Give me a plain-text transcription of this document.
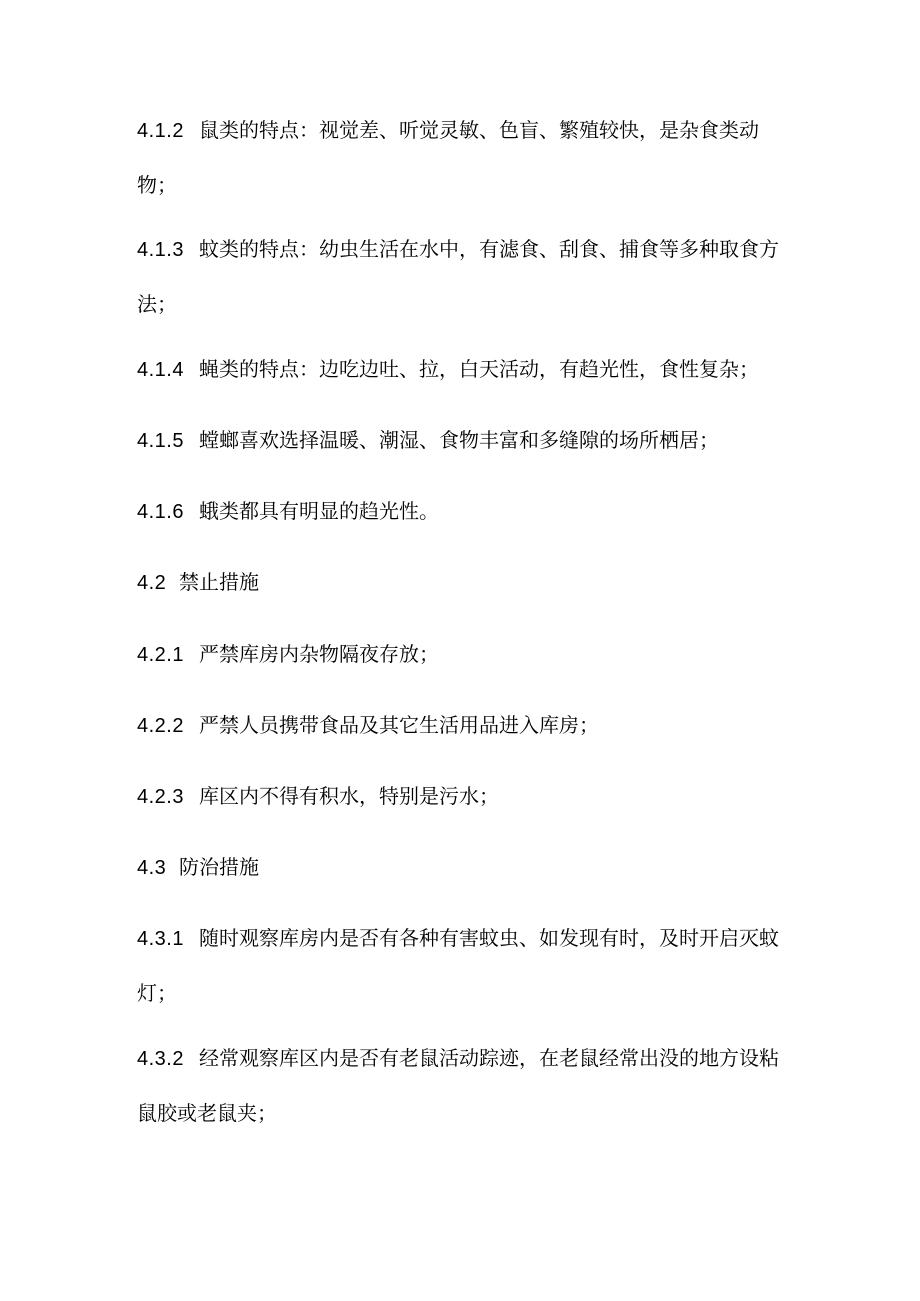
4.1.2 鼠类的特点：视觉差、听觉灵敏、色盲、繁殖较快，是杂食类动物；

4.1.3 蚊类的特点：幼虫生活在水中，有滤食、刮食、捕食等多种取食方法；

4.1.4 蝇类的特点：边吃边吐、拉，白天活动，有趋光性，食性复杂；

4.1.5 螳螂喜欢选择温暖、潮湿、食物丰富和多缝隙的场所栖居；

4.1.6 蛾类都具有明显的趋光性。

4.2 禁止措施

4.2.1 严禁库房内杂物隔夜存放；

4.2.2 严禁人员携带食品及其它生活用品进入库房；

4.2.3 库区内不得有积水，特别是污水；

4.3 防治措施

4.3.1 随时观察库房内是否有各种有害蚊虫、如发现有时，及时开启灭蚊灯；

4.3.2 经常观察库区内是否有老鼠活动踪迹，在老鼠经常出没的地方设粘鼠胶或老鼠夹；
